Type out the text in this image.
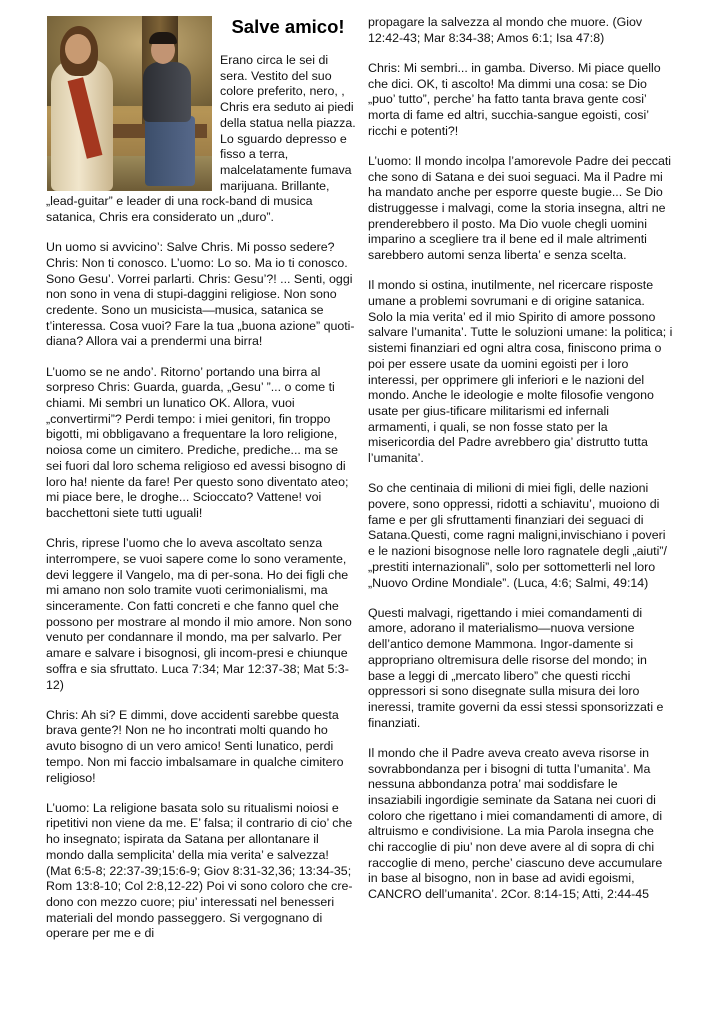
Salve amico!

Erano circa le sei di sera. Vestito del suo colore preferito, nero, , Chris era seduto ai piedi della statua nella piazza. Lo sguardo depresso e fisso a terra, malcelatamente fumava marijuana. Brillante, „lead-guitar” e leader di una rock-band di musica satanica, Chris era considerato un „duro”.

Un uomo si avvicino’: Salve Chris. Mi posso sedere? Chris: Non ti conosco. L’uomo: Lo so. Ma io ti conosco. Sono Gesu’. Vorrei parlarti. Chris: Gesu’?! ... Senti, oggi non sono in vena di stupi-daggini religiose. Non sono credente. Sono un musicista—musica, satanica se t’interessa. Cosa vuoi? Fare la tua „buona azione” quoti-diana? Allora vai a prendermi una birra!

L’uomo se ne ando’. Ritorno’ portando una birra al sorpreso Chris: Guarda, guarda, „Gesu’ ”... o come ti chiami. Mi sembri un lunatico OK. Allora, vuoi „convertirmi”? Perdi tempo: i miei genitori, fin troppo bigotti, mi obbligavano a frequentare la loro religione, noiosa come un cimitero. Prediche, prediche... ma se sei fuori dal loro schema religioso ed avessi bisogno di loro ha! niente da fare! Per questo sono diventato ateo; mi piace bere, le droghe... Scioccato? Vattene! voi bacchettoni siete tutti uguali!

Chris, riprese l’uomo che lo aveva ascoltato senza interrompere, se vuoi sapere come lo sono veramente, devi leggere il Vangelo, ma di per-sona. Ho dei figli che mi amano non solo tramite vuoti cerimonialismi, ma sinceramente. Con fatti concreti e che fanno quel che possono per mostrare al mondo il mio amore. Non sono venuto per condannare il mondo, ma per salvarlo. Per amare e salvare i bisognosi, gli incom-presi e chiunque soffra e sia sfruttato. Luca 7:34; Mar 12:37-38; Mat 5:3-12)

Chris: Ah si? E dimmi, dove accidenti sarebbe questa brava gente?! Non ne ho incontrati molti quando ho avuto bisogno di un vero amico! Senti lunatico, perdi tempo. Non mi faccio imbalsamare in qualche cimitero religioso!

L’uomo: La religione basata solo su ritualismi noiosi e ripetitivi non viene da me. E’ falsa; il contrario di cio’ che ho insegnato; ispirata da Satana per allontanare il mondo dalla semplicita’ della mia verita’ e salvezza! (Mat 6:5-8; 22:37-39;15:6-9; Giov 8:31-32,36; 13:34-35; Rom 13:8-10; Col 2:8,12-22) Poi vi sono coloro che cre-dono con mezzo cuore; piu’ interessati nel benesseri materiali del mondo passeggero. Si vergognano di operare per me e di

propagare la salvezza al mondo che muore. (Giov 12:42-43; Mar 8:34-38; Amos 6:1; Isa 47:8)

Chris: Mi sembri... in gamba. Diverso. Mi piace quello che dici. OK, ti ascolto! Ma dimmi una cosa: se Dio „puo’ tutto”, perche’ ha fatto tanta brava gente cosi’ morta di fame ed altri, succhia-sangue egoisti, cosi’ ricchi e potenti?!

L’uomo: Il mondo incolpa l’amorevole Padre dei peccati che sono di Satana e dei suoi seguaci. Ma il Padre mi ha mandato anche per esporre queste bugie... Se Dio distruggesse i malvagi, come la storia insegna, altri ne prenderebbero il posto. Ma Dio vuole chegli uomini imparino a scegliere tra il bene ed il male altrimenti sarebbero automi senza liberta’ e senza scelta.

Il mondo si ostina, inutilmente, nel ricercare risposte umane a problemi sovrumani e di origine satanica. Solo la mia verita’ ed il mio Spirito di amore possono salvare l’umanita’. Tutte le soluzioni umane: la politica; i sistemi finanziari ed ogni altra cosa, finiscono prima o poi per essere usate da uomini egoisti per i loro interessi, per opprimere gli inferiori e le nazioni del mondo. Anche le ideologie e molte filosofie vengono usate per gius-tificare militarismi ed infernali armamenti, i quali, se non fosse stato per la misericordia del Padre avrebbero gia’ distrutto tutta l’umanita’.

So che centinaia di milioni di miei figli, delle nazioni povere, sono oppressi, ridotti a schiavitu’, muoiono di fame e per gli sfruttamenti finanziari dei seguaci di Satana.Questi, come ragni maligni,invischiano i poveri e le nazioni bisognose nelle loro ragnatele degli „aiuti”/„prestiti internazionali”, solo per sottometterli nel loro „Nuovo Ordine Mondiale”. (Luca, 4:6; Salmi, 49:14)

Questi malvagi, rigettando i miei comandamenti di amore, adorano il materialismo—nuova versione dell’antico demone Mammona. Ingor-damente si appropriano oltremisura delle risorse del mondo; in base a leggi di „mercato libero” che questi ricchi oppressori si sono disegnate sulla misura dei loro ineressi, tramite governi da essi stessi sponsorizzati e finanziati.

Il mondo che il Padre aveva creato aveva risorse in sovrabbondanza per i bisogni di tutta l’umanita’. Ma nessuna abbondanza potra’ mai soddisfare le insaziabili ingordigie seminate da Satana nei cuori di coloro che rigettano i miei comandamenti di amore, di altruismo e condivisione. La mia Parola insegna che chi raccoglie di piu’ non deve avere al di sopra di chi raccoglie di meno, perche’ ciascuno deve accumulare in base al bisogno, non in base ad avidi egoismi, CANCRO dell’umanita’. 2Cor. 8:14-15; Atti, 2:44-45
